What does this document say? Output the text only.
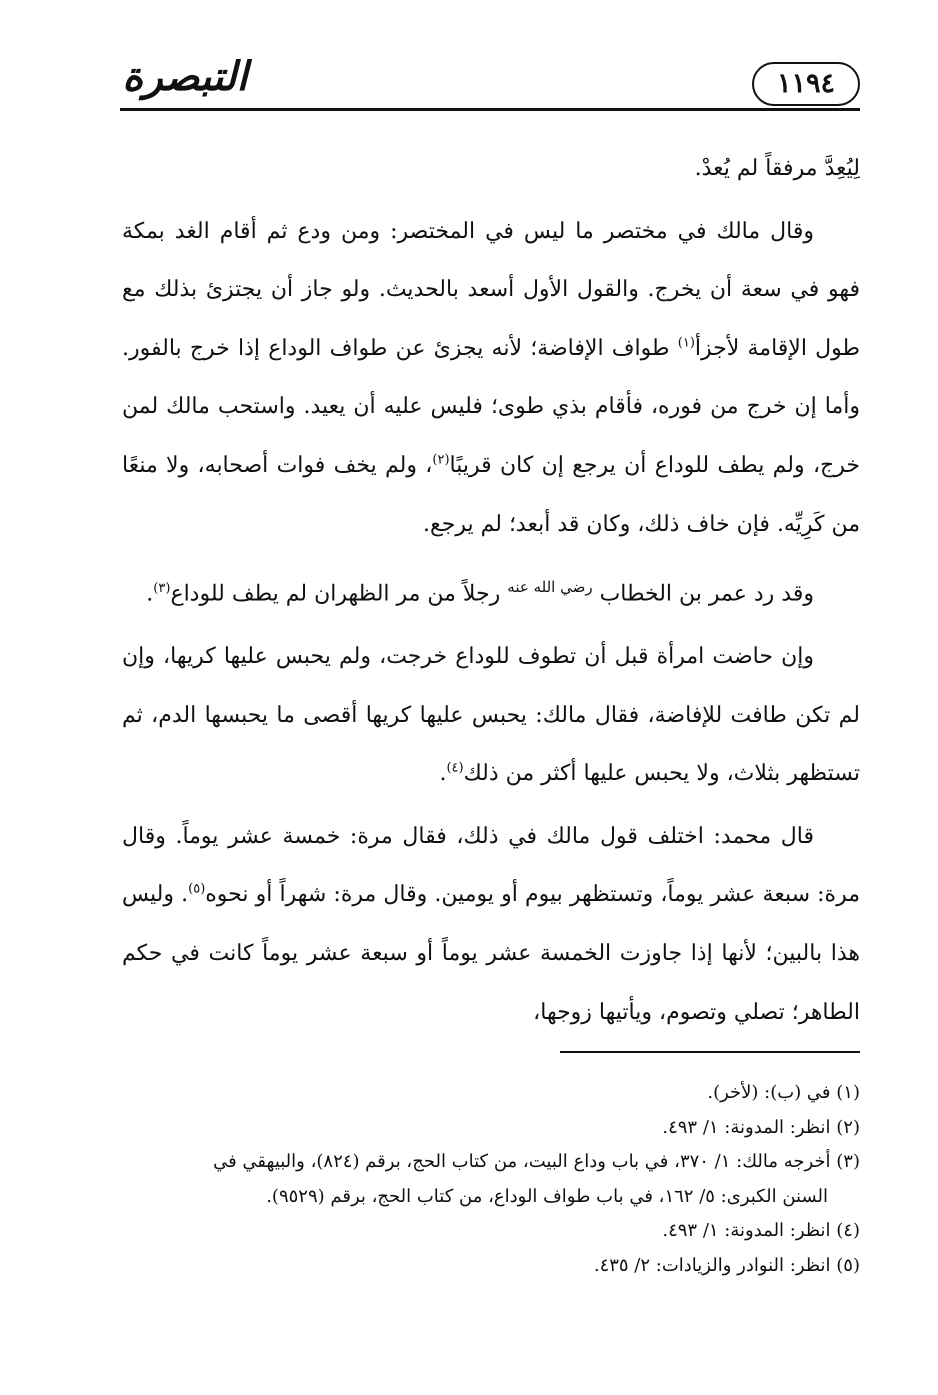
التبصرة	١١٩٤

لِيُعِدَّ مرفقاً لم يُعدْ.

وقال مالك في مختصر ما ليس في المختصر: ومن ودع ثم أقام الغد بمكة فهو في سعة أن يخرج. والقول الأول أسعد بالحديث. ولو جاز أن يجتزئ بذلك مع طول الإقامة لأجزأ$^{(١)}$ طواف الإفاضة؛ لأنه يجزئ عن طواف الوداع إذا خرج بالفور. وأما إن خرج من فوره، فأقام بذي طوى؛ فليس عليه أن يعيد. واستحب مالك لمن خرج، ولم يطف للوداع أن يرجع إن كان قريبًا$^{(٢)}$، ولم يخف فوات أصحابه، ولا منعًا من كَرِيِّه. فإن خاف ذلك، وكان قد أبعد؛ لم يرجع.

وقد رد عمر بن الخطاب $^{رضي الله عنه}$ رجلاً من مر الظهران لم يطف للوداع$^{(٣)}$.

وإن حاضت امرأة قبل أن تطوف للوداع خرجت، ولم يحبس عليها كريها، وإن لم تكن طافت للإفاضة، فقال مالك: يحبس عليها كريها أقصى ما يحبسها الدم، ثم تستظهر بثلاث، ولا يحبس عليها أكثر من ذلك$^{(٤)}$.

قال محمد: اختلف قول مالك في ذلك، فقال مرة: خمسة عشر يوماً. وقال مرة: سبعة عشر يوماً، وتستظهر بيوم أو يومين. وقال مرة: شهراً أو نحوه$^{(٥)}$. وليس هذا بالبين؛ لأنها إذا جاوزت الخمسة عشر يوماً أو سبعة عشر يوماً كانت في حكم الطاهر؛ تصلي وتصوم، ويأتيها زوجها،

(١) في (ب): (لأخر).

(٢) انظر: المدونة: ١/ ٤٩٣.

(٣) أخرجه مالك: ١/ ٣٧٠، في باب وداع البيت، من كتاب الحج، برقم (٨٢٤)، والبيهقي في

السنن الكبرى: ٥/ ١٦٢، في باب طواف الوداع، من كتاب الحج، برقم (٩٥٢٩).

(٤) انظر: المدونة: ١/ ٤٩٣.

(٥) انظر: النوادر والزيادات: ٢/ ٤٣٥.
